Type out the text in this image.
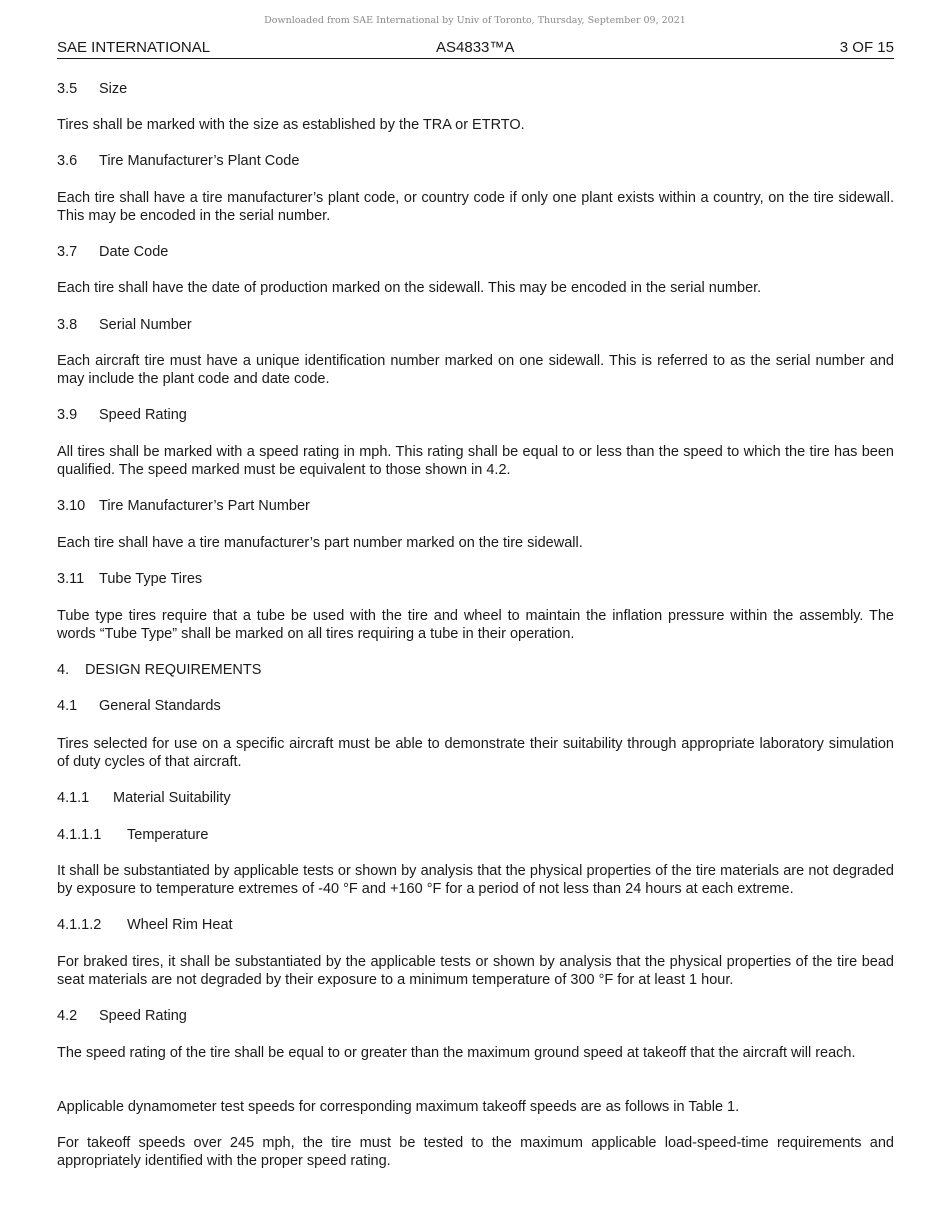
Downloaded from SAE International by Univ of Toronto, Thursday, September 09, 2021
SAE INTERNATIONAL	AS4833™A	3 OF 15
3.5 Size
Tires shall be marked with the size as established by the TRA or ETRTO.
3.6 Tire Manufacturer’s Plant Code
Each tire shall have a tire manufacturer’s plant code, or country code if only one plant exists within a country, on the tire sidewall. This may be encoded in the serial number.
3.7 Date Code
Each tire shall have the date of production marked on the sidewall. This may be encoded in the serial number.
3.8 Serial Number
Each aircraft tire must have a unique identification number marked on one sidewall. This is referred to as the serial number and may include the plant code and date code.
3.9 Speed Rating
All tires shall be marked with a speed rating in mph. This rating shall be equal to or less than the speed to which the tire has been qualified. The speed marked must be equivalent to those shown in 4.2.
3.10 Tire Manufacturer’s Part Number
Each tire shall have a tire manufacturer’s part number marked on the tire sidewall.
3.11 Tube Type Tires
Tube type tires require that a tube be used with the tire and wheel to maintain the inflation pressure within the assembly. The words “Tube Type” shall be marked on all tires requiring a tube in their operation.
4. DESIGN REQUIREMENTS
4.1 General Standards
Tires selected for use on a specific aircraft must be able to demonstrate their suitability through appropriate laboratory simulation of duty cycles of that aircraft.
4.1.1 Material Suitability
4.1.1.1 Temperature
It shall be substantiated by applicable tests or shown by analysis that the physical properties of the tire materials are not degraded by exposure to temperature extremes of -40 °F and +160 °F for a period of not less than 24 hours at each extreme.
4.1.1.2 Wheel Rim Heat
For braked tires, it shall be substantiated by the applicable tests or shown by analysis that the physical properties of the tire bead seat materials are not degraded by their exposure to a minimum temperature of 300 °F for at least 1 hour.
4.2 Speed Rating
The speed rating of the tire shall be equal to or greater than the maximum ground speed at takeoff that the aircraft will reach.
Applicable dynamometer test speeds for corresponding maximum takeoff speeds are as follows in Table 1.
For takeoff speeds over 245 mph, the tire must be tested to the maximum applicable load-speed-time requirements and appropriately identified with the proper speed rating.
